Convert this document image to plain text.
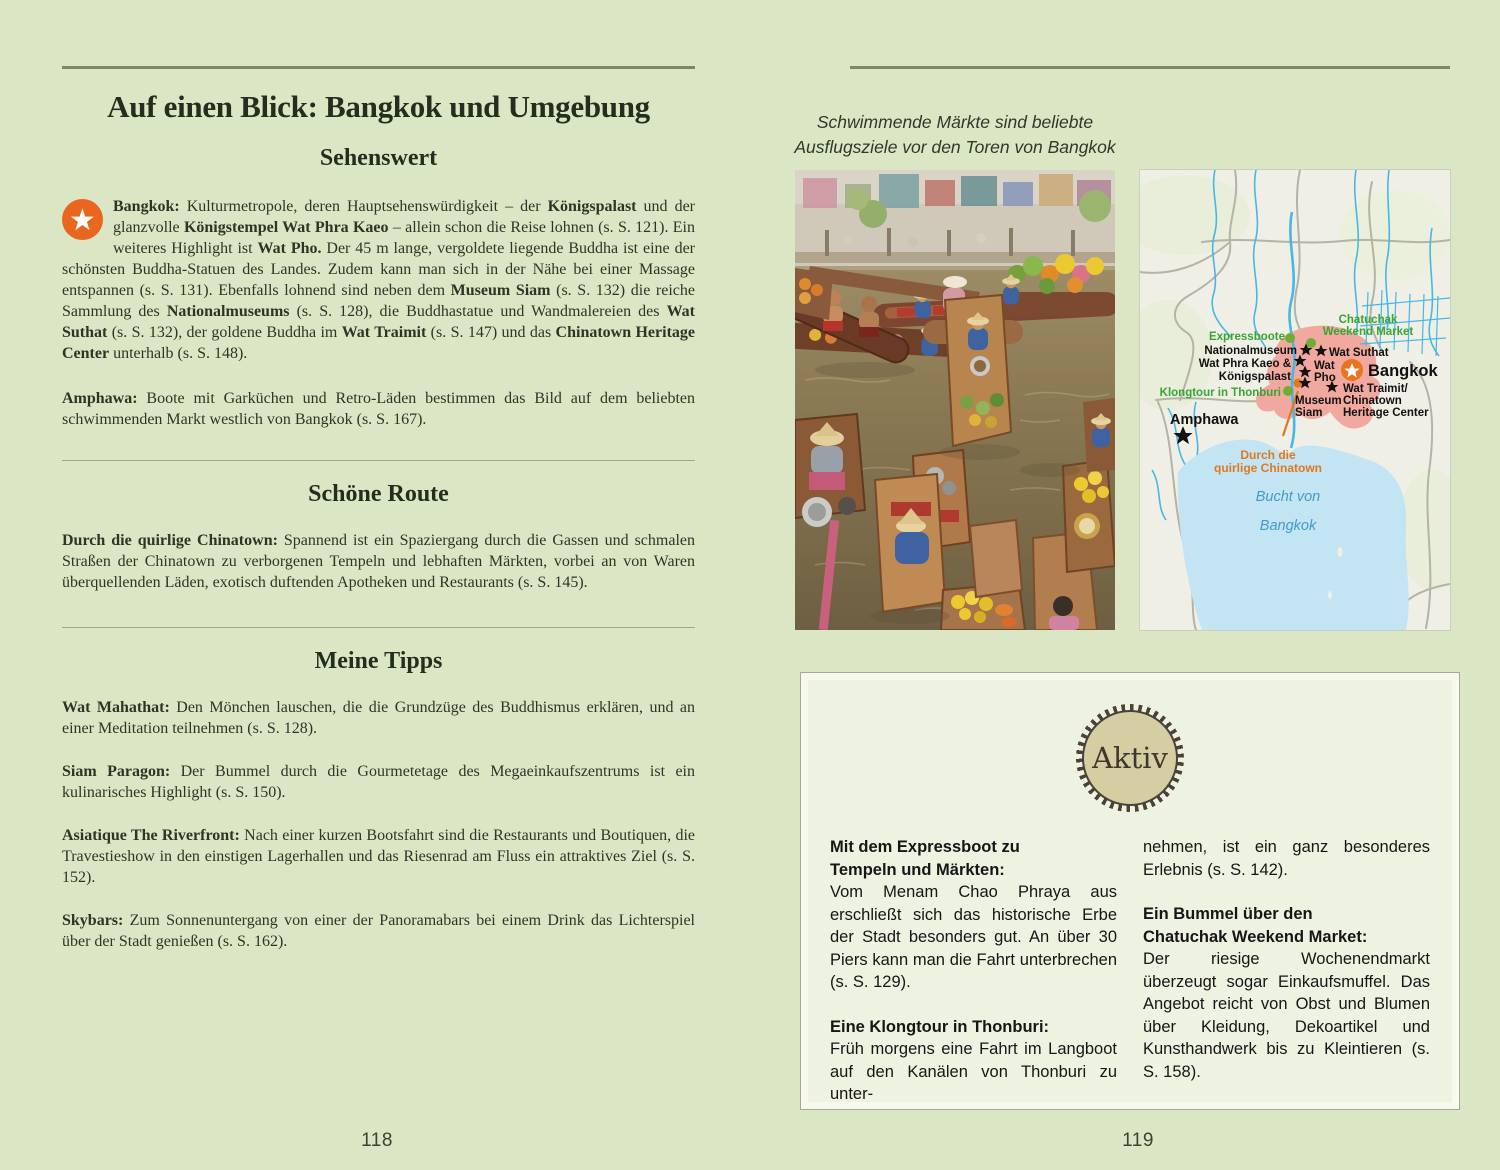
Auf einen Blick: Bangkok und Umgebung
Sehenswert
★

Bangkok: Kulturmetropole, deren Hauptsehenswürdigkeit – der Königspalast und der glanzvolle Königstempel Wat Phra Kaeo – allein schon die Reise lohnen (s. S. 121). Ein weiteres Highlight ist Wat Pho. Der 45 m lange, vergoldete liegende Buddha ist eine der schönsten Buddha-Statuen des Landes. Zudem kann man sich in der Nähe bei einer Massage entspannen (s. S. 131). Ebenfalls lohnend sind neben dem Museum Siam (s. S. 132) die reiche Sammlung des Nationalmuseums (s. S. 128), die Buddhastatue und Wandmalereien des Wat Suthat (s. S. 132), der goldene Buddha im Wat Traimit (s. S. 147) und das Chinatown Heritage Center unterhalb (s. S. 148).

Amphawa: Boote mit Garküchen und Retro-Läden bestimmen das Bild auf dem beliebten schwimmenden Markt westlich von Bangkok (s. S. 167).

Schöne Route

Durch die quirlige Chinatown: Spannend ist ein Spaziergang durch die Gassen und schmalen Straßen der Chinatown zu verborgenen Tempeln und lebhaften Märkten, vorbei an von Waren überquellenden Läden, exotisch duftenden Apotheken und Restaurants (s. S. 145).

Meine Tipps

Wat Mahathat: Den Mönchen lauschen, die die Grundzüge des Buddhismus erklären, und an einer Meditation teilnehmen (s. S. 128).

Siam Paragon: Der Bummel durch die Gourmetetage des Megaeinkaufszentrums ist ein kulinarisches Highlight (s. S. 150).

Asiatique The Riverfront: Nach einer kurzen Bootsfahrt sind die Restaurants und Boutiquen, die Travestieshow in den einstigen Lagerhallen und das Riesenrad am Fluss ein attraktives Ziel (s. S. 152).

Skybars: Zum Sonnenuntergang von einer der Panoramabars bei einem Drink das Lichterspiel über der Stadt genießen (s. S. 162).

118
Schwimmende Märkte sind beliebte
Ausflugsziele vor den Toren von Bangkok
Expressboote
Chatuchak
Weekend Market
Klongtour in Thonburi
Nationalmuseum
Wat Phra Kaeo &
Königspalast
Wat Suthat
Wat
Pho
Museum
Siam
Wat Traimit/
Chinatown
Heritage Center
Bangkok
Amphawa
Durch die
quirlige Chinatown
Bucht von
Bangkok
Aktiv
Mit dem Expressboot zu
Tempeln und Märkten:

Vom Menam Chao Phraya aus erschließt sich das historische Erbe der Stadt besonders gut. An über 30 Piers kann man die Fahrt unterbrechen (s. S. 129).

Eine Klongtour in Thonburi:

Früh morgens eine Fahrt im Langboot auf den Kanälen von Thonburi zu unter-

nehmen, ist ein ganz besonderes Erlebnis (s. S. 142).

Ein Bummel über den
Chatuchak Weekend Market:

Der riesige Wochenendmarkt überzeugt sogar Einkaufsmuffel. Das Angebot reicht von Obst und Blumen über Kleidung, Dekoartikel und Kunsthandwerk bis zu Kleintieren (s. S. 158).

119
